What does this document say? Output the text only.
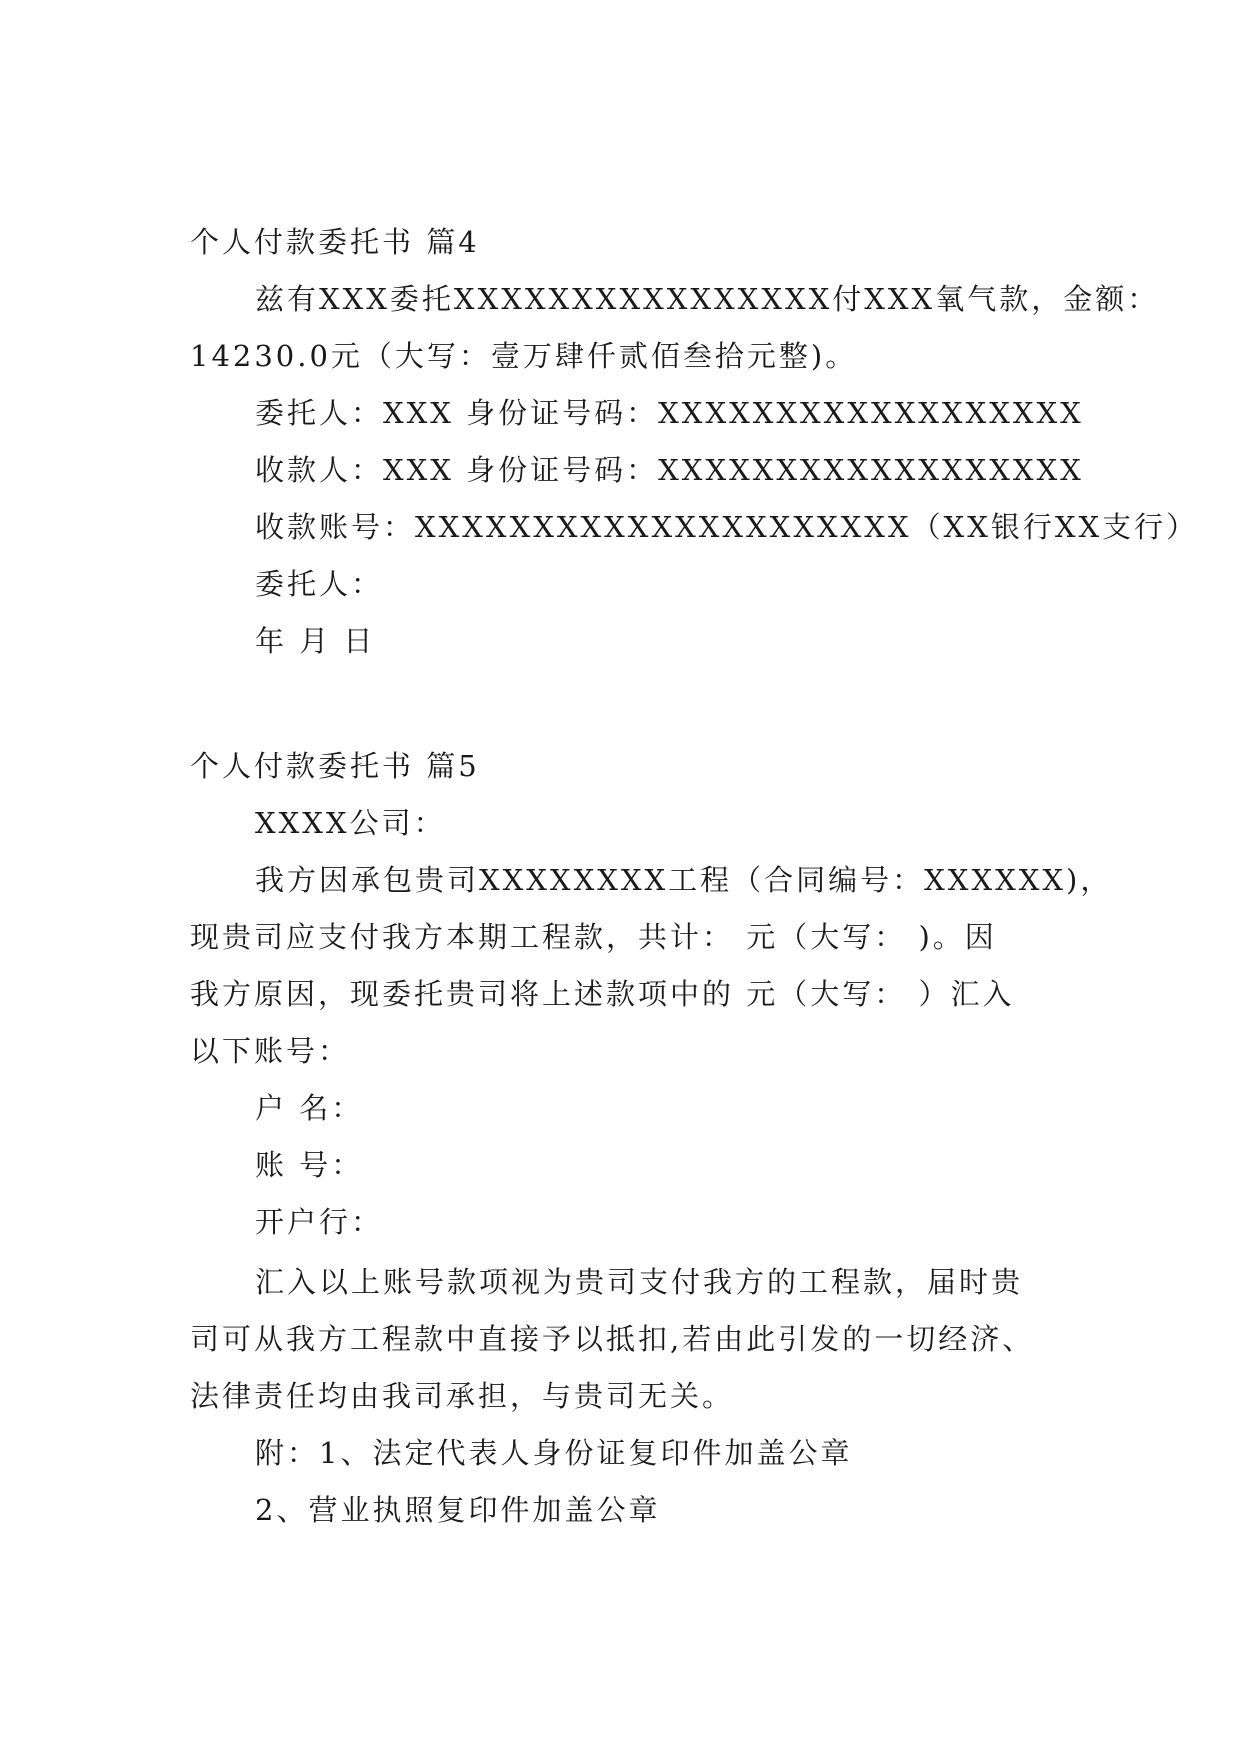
个人付款委托书 篇4
兹有XXX委托XXXXXXXXXXXXXXXX付XXX氧气款，金额：
14230.0元（大写：壹万肆仟贰佰叁拾元整)。
委托人：XXX 身份证号码：XXXXXXXXXXXXXXXXXX
收款人：XXX 身份证号码：XXXXXXXXXXXXXXXXXX
收款账号：XXXXXXXXXXXXXXXXXXXXX（XX银行XX支行）
委托人：
年 月 日
个人付款委托书 篇5
XXXX公司：
我方因承包贵司XXXXXXXX工程（合同编号：XXXXXX)，
现贵司应支付我方本期工程款，共计： 元（大写： )。因
我方原因，现委托贵司将上述款项中的 元（大写： ）汇入
以下账号：
户 名：
账 号：
开户行：
汇入以上账号款项视为贵司支付我方的工程款，届时贵
司可从我方工程款中直接予以抵扣,若由此引发的一切经济、
法律责任均由我司承担，与贵司无关。
附：1、法定代表人身份证复印件加盖公章
2、营业执照复印件加盖公章
